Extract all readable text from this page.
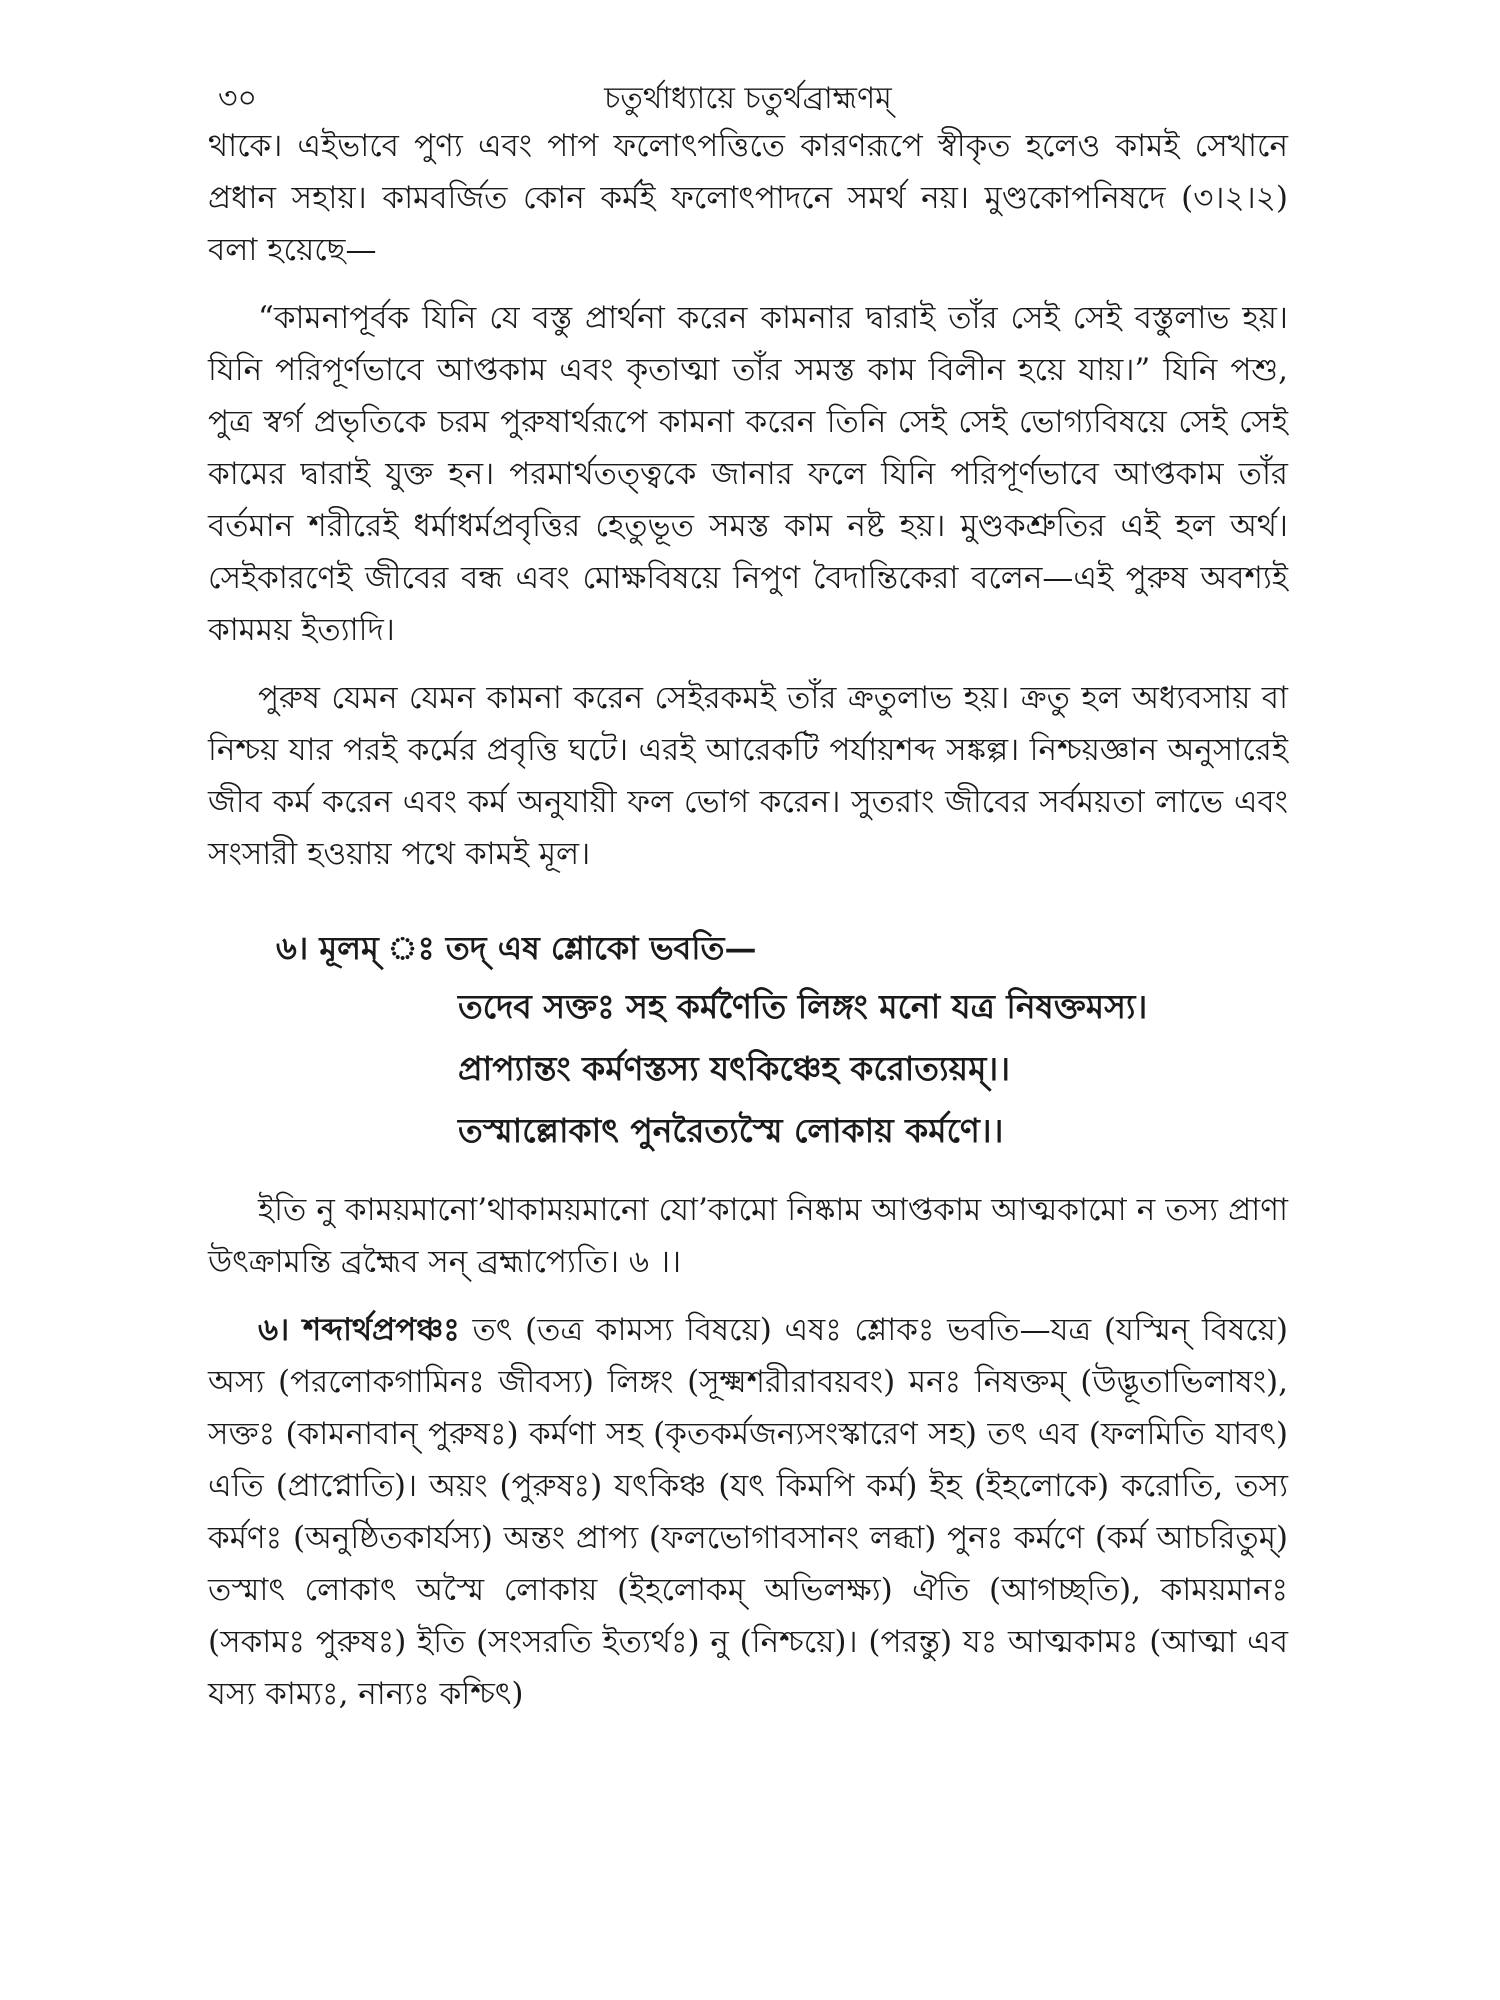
৩০	চতুর্থাধ্যায়ে চতুর্থব্রাহ্মণম্

থাকে। এইভাবে পুণ্য এবং পাপ ফলোৎপত্তিতে কারণরূপে স্বীকৃত হলেও কামই সেখানে প্রধান সহায়। কামবর্জিত কোন কর্মই ফলোৎপাদনে সমর্থ নয়। মুণ্ডকোপনিষদে (৩।২।২) বলা হয়েছে—

“কামনাপূর্বক যিনি যে বস্তু প্রার্থনা করেন কামনার দ্বারাই তাঁর সেই সেই বস্তুলাভ হয়। যিনি পরিপূর্ণভাবে আপ্তকাম এবং কৃতাত্মা তাঁর সমস্ত কাম বিলীন হয়ে যায়।” যিনি পশু, পুত্র স্বর্গ প্রভৃতিকে চরম পুরুষার্থরূপে কামনা করেন তিনি সেই সেই ভোগ্যবিষয়ে সেই সেই কামের দ্বারাই যুক্ত হন। পরমার্থতত্ত্বকে জানার ফলে যিনি পরিপূর্ণভাবে আপ্তকাম তাঁর বর্তমান শরীরেই ধর্মাধর্মপ্রবৃত্তির হেতুভূত সমস্ত কাম নষ্ট হয়। মুণ্ডকশ্রুতির এই হল অর্থ। সেইকারণেই জীবের বন্ধ এবং মোক্ষবিষয়ে নিপুণ বৈদান্তিকেরা বলেন—এই পুরুষ অবশ্যই কামময় ইত্যাদি।

পুরুষ যেমন যেমন কামনা করেন সেইরকমই তাঁর ক্রতুলাভ হয়। ক্রতু হল অধ্যবসায় বা নিশ্চয় যার পরই কর্মের প্রবৃত্তি ঘটে। এরই আরেকটি পর্যায়শব্দ সঙ্কল্প। নিশ্চয়জ্ঞান অনুসারেই জীব কর্ম করেন এবং কর্ম অনুযায়ী ফল ভোগ করেন। সুতরাং জীবের সর্বময়তা লাভে এবং সংসারী হওয়ায় পথে কামই মূল।

৬। মূলম্ ঃ তদ্ এষ শ্লোকো ভবতি—

তদেব সক্তঃ সহ কর্মণৈতি লিঙ্গং মনো যত্র নিষক্তমস্য।

প্রাপ্যান্তং কর্মণস্তস্য যৎকিঞ্চেহ করোত্যয়ম্।।

তস্মাল্লোকাৎ পুনরৈত্যস্মৈ লোকায় কর্মণে।।

ইতি নু কাময়মানো’থাকাময়মানো যো’কামো নিষ্কাম আপ্তকাম আত্মকামো ন তস্য প্রাণা উৎক্রামন্তি ব্রহ্মৈব সন্ ব্রহ্মাপ্যেতি। ৬ ।।

৬। শব্দার্থপ্রপঞ্চঃ তৎ (তত্র কামস্য বিষয়ে) এষঃ শ্লোকঃ ভবতি—যত্র (যস্মিন্ বিষয়ে) অস্য (পরলোকগামিনঃ জীবস্য) লিঙ্গং (সূক্ষ্মশরীরাবয়বং) মনঃ নিষক্তম্ (উদ্ভূতাভিলাষং), সক্তঃ (কামনাবান্ পুরুষঃ) কর্মণা সহ (কৃতকর্মজন্যসংস্কারেণ সহ) তৎ এব (ফলমিতি যাবৎ) এতি (প্রাপ্নোতি)। অয়ং (পুরুষঃ) যৎকিঞ্চ (যৎ কিমপি কর্ম) ইহ (ইহলোকে) করোতি, তস্য কর্মণঃ (অনুষ্ঠিতকার্যস্য) অন্তং প্রাপ্য (ফলভোগাবসানং লব্ধা) পুনঃ কর্মণে (কর্ম আচরিতুম্) তস্মাৎ লোকাৎ অস্মৈ লোকায় (ইহলোকম্ অভিলক্ষ্য) ঐতি (আগচ্ছতি), কাময়মানঃ (সকামঃ পুরুষঃ) ইতি (সংসরতি ইত্যর্থঃ) নু (নিশ্চয়ে)। (পরন্তু) যঃ আত্মকামঃ (আত্মা এব যস্য কাম্যঃ, নান্যঃ কশ্চিৎ)
